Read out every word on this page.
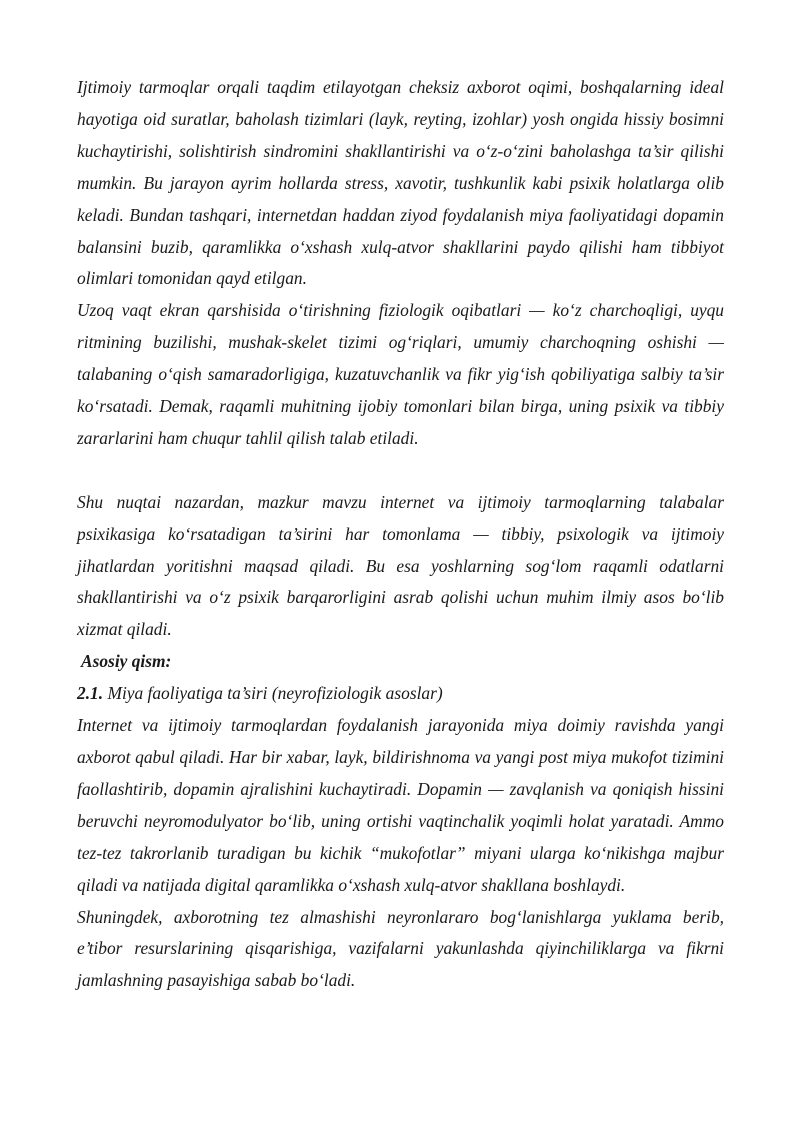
Ijtimoiy tarmoqlar orqali taqdim etilayotgan cheksiz axborot oqimi, boshqalarning ideal hayotiga oid suratlar, baholash tizimlari (layk, reyting, izohlar) yosh ongida hissiy bosimni kuchaytirishi, solishtirish sindromini shakllantirishi va o‘z-o‘zini baholashga ta’sir qilishi mumkin. Bu jarayon ayrim hollarda stress, xavotir, tushkunlik kabi psixik holatlarga olib keladi. Bundan tashqari, internetdan haddan ziyod foydalanish miya faoliyatidagi dopamin balansini buzib, qaramlikka o‘xshash xulq-atvor shakllarini paydo qilishi ham tibbiyot olimlari tomonidan qayd etilgan.

Uzoq vaqt ekran qarshisida o‘tirishning fiziologik oqibatlari — ko‘z charchoqligi, uyqu ritmining buzilishi, mushak-skelet tizimi og‘riqlari, umumiy charchoqning oshishi — talabaning o‘qish samaradorligiga, kuzatuvchanlik va fikr yig‘ish qobiliyatiga salbiy ta’sir ko‘rsatadi. Demak, raqamli muhitning ijobiy tomonlari bilan birga, uning psixik va tibbiy zararlarini ham chuqur tahlil qilish talab etiladi.

Shu nuqtai nazardan, mazkur mavzu internet va ijtimoiy tarmoqlarning talabalar psixikasiga ko‘rsatadigan ta’sirini har tomonlama — tibbiy, psixologik va ijtimoiy jihatlardan yoritishni maqsad qiladi. Bu esa yoshlarning sog‘lom raqamli odatlarni shakllantirishi va o‘z psixik barqarorligini asrab qolishi uchun muhim ilmiy asos bo‘lib xizmat qiladi.

Asosiy qism:

2.1. Miya faoliyatiga ta’siri (neyrofiziologik asoslar)

Internet va ijtimoiy tarmoqlardan foydalanish jarayonida miya doimiy ravishda yangi axborot qabul qiladi. Har bir xabar, layk, bildirishnoma va yangi post miya mukofot tizimini faollashtirib, dopamin ajralishini kuchaytiradi. Dopamin — zavqlanish va qoniqish hissini beruvchi neyromodulyator bo‘lib, uning ortishi vaqtinchalik yoqimli holat yaratadi. Ammo tez-tez takrorlanib turadigan bu kichik “mukofotlar” miyani ularga ko‘nikishga majbur qiladi va natijada digital qaramlikka o‘xshash xulq-atvor shakllana boshlaydi.

Shuningdek, axborotning tez almashishi neyronlararo bog‘lanishlarga yuklama berib, e’tibor resurslarining qisqarishiga, vazifalarni yakunlashda qiyinchiliklarga va fikrni jamlashning pasayishiga sabab bo‘ladi.
